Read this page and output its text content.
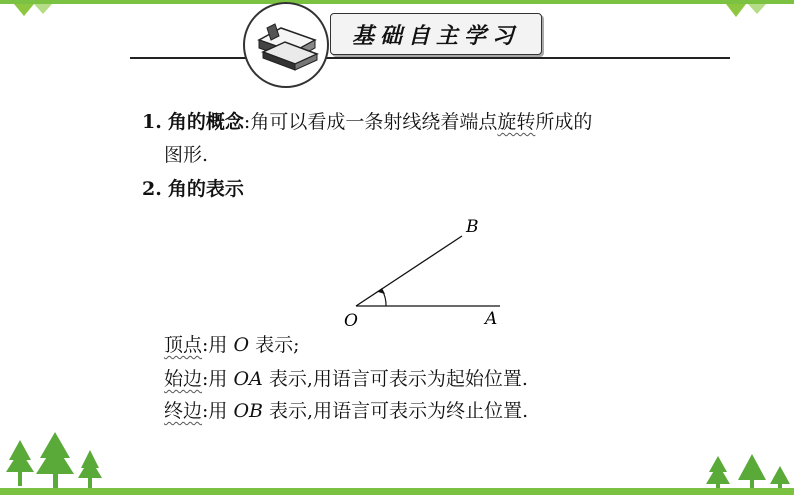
基础自主学习
1. 角的概念:角可以看成一条射线绕着端点旋转所成的
图形.
2. 角的表示
O	A
B
顶点:用 O 表示;
始边:用 OA 表示,用语言可表示为起始位置.
终边:用 OB 表示,用语言可表示为终止位置.
